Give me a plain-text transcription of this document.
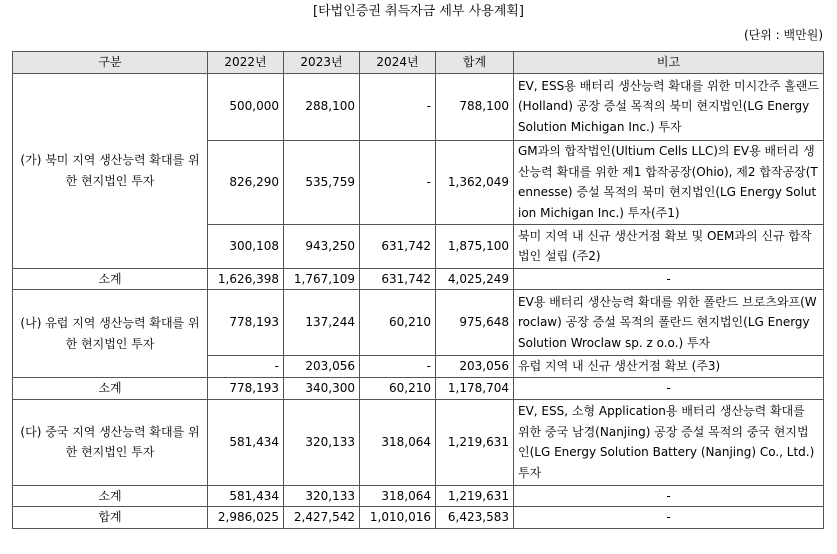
[타법인증권 취득자금 세부 사용계획]
(단위 : 백만원)
구분	2022년	2023년	2024년	합계	비고
(가) 북미 지역 생산능력 확대를 위한 현지법인 투자	500,000	288,100	-	788,100	EV, ESS용 배터리 생산능력 확대를 위한 미시간주 홀랜드(Holland) 공장 증설 목적의 북미 현지법인(LG Energy Solution Michigan Inc.) 투자
	826,290	535,759	-	1,362,049	GM과의 합작법인(Ultium Cells LLC)의 EV용 배터리 생산능력 확대를 위한 제1 합작공장(Ohio), 제2 합작공장(Tennesse) 증설 목적의 북미 현지법인(LG Energy Solution Michigan Inc.) 투자(주1)
	300,108	943,250	631,742	1,875,100	북미 지역 내 신규 생산거점 확보 및 OEM과의 신규 합작법인 설립 (주2)
소계	1,626,398	1,767,109	631,742	4,025,249	-
(나) 유럽 지역 생산능력 확대를 위한 현지법인 투자	778,193	137,244	60,210	975,648	EV용 배터리 생산능력 확대를 위한 폴란드 브로츠와프(Wroclaw) 공장 증설 목적의 폴란드 현지법인(LG Energy Solution Wroclaw sp. z o.o.) 투자
	-	203,056	-	203,056	유럽 지역 내 신규 생산거점 확보 (주3)
소계	778,193	340,300	60,210	1,178,704	-
(다) 중국 지역 생산능력 확대를 위한 현지법인 투자	581,434	320,133	318,064	1,219,631	EV, ESS, 소형 Application용 배터리 생산능력 확대를 위한 중국 남경(Nanjing) 공장 증설 목적의 중국 현지법인(LG Energy Solution Battery (Nanjing) Co., Ltd.) 투자
소계	581,434	320,133	318,064	1,219,631	-
합계	2,986,025	2,427,542	1,010,016	6,423,583	-
